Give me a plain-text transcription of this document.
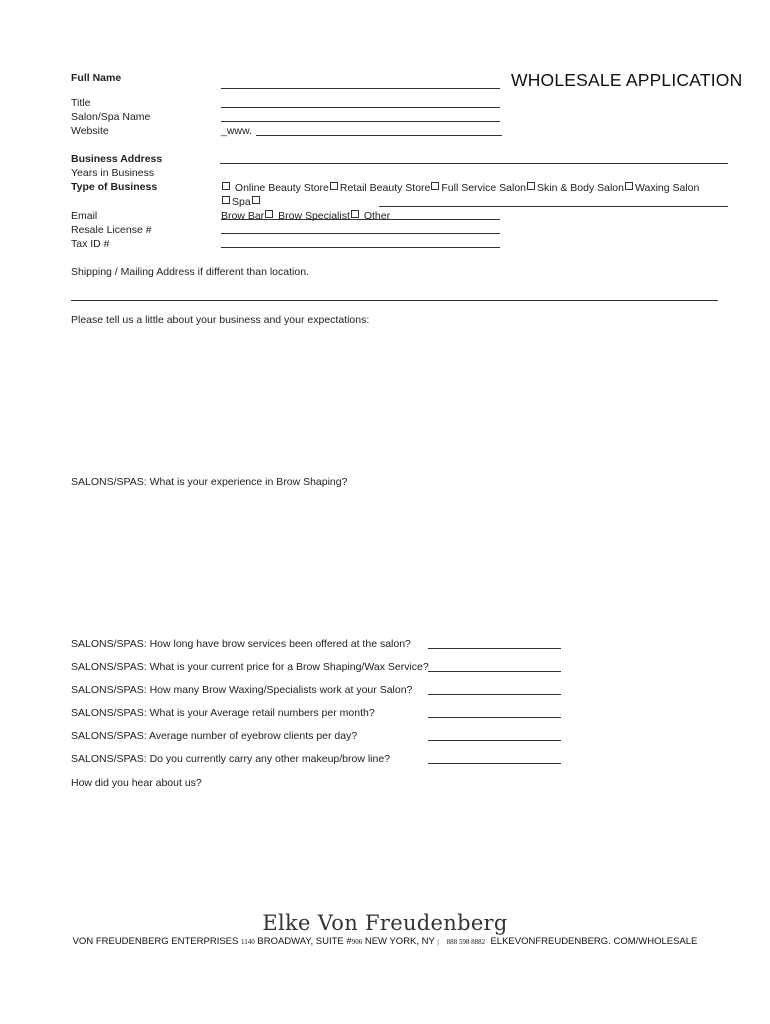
WHOLESALE APPLICATION
Full Name
Title
Salon/Spa Name
Website
Business Address
Years in Business
Type of Business
Email
Resale License #
Tax ID #
_www.
Online Beauty Store Retail Beauty Store Full Service Salon Skin & Body Salon Waxing SalonSpa
Brow Bar Brow Specialist Other
Shipping / Mailing Address if different than location.
Please tell us a little about your business and your expectations:
SALONS/SPAS: What is your experience in Brow Shaping?
SALONS/SPAS: How long have brow services been offered at the salon?
SALONS/SPAS: What is your current price for a Brow Shaping/Wax Service?
SALONS/SPAS: How many Brow Waxing/Specialists work at your Salon?
SALONS/SPAS: What is your Average retail numbers per month?
SALONS/SPAS: Average number of eyebrow clients per day?
SALONS/SPAS: Do you currently carry any other makeup/brow line?
How did you hear about us?
Elke Von Freudenberg
VON FREUDENBERG ENTERPRISES 1140 BROADWAY, SUITE #906 NEW YORK, NY | 888 598 8882 ELKEVONFREUDENBERG. COM/WHOLESALE
